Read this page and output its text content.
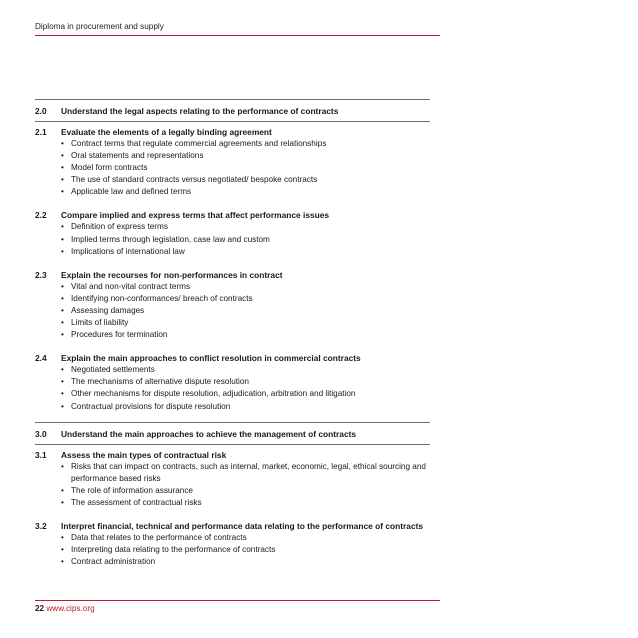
Diploma in procurement and supply
2.0	Understand the legal aspects relating to the performance of contracts
2.1	Evaluate the elements of a legally binding agreement
• Contract terms that regulate commercial agreements and relationships
• Oral statements and representations
• Model form contracts
• The use of standard contracts versus negotiated/ bespoke contracts
• Applicable law and defined terms
2.2	Compare implied and express terms that affect performance issues
• Definition of express terms
• Implied terms through legislation, case law and custom
• Implications of international law
2.3	Explain the recourses for non-performances in contract
• Vital and non-vital contract terms
• Identifying non-conformances/ breach of contracts
• Assessing damages
• Limits of liability
• Procedures for termination
2.4	Explain the main approaches to conflict resolution in commercial contracts
• Negotiated settlements
• The mechanisms of alternative dispute resolution
• Other mechanisms for dispute resolution, adjudication, arbitration and litigation
• Contractual provisions for dispute resolution
3.0	Understand the main approaches to achieve the management of contracts
3.1	Assess the main types of contractual risk
• Risks that can impact on contracts, such as internal, market, economic, legal, ethical sourcing and performance based risks
• The role of information assurance
• The assessment of contractual risks
3.2	Interpret financial, technical and performance data relating to the performance of contracts
• Data that relates to the performance of contracts
• Interpreting data relating to the performance of contracts
• Contract administration
22 www.cips.org
